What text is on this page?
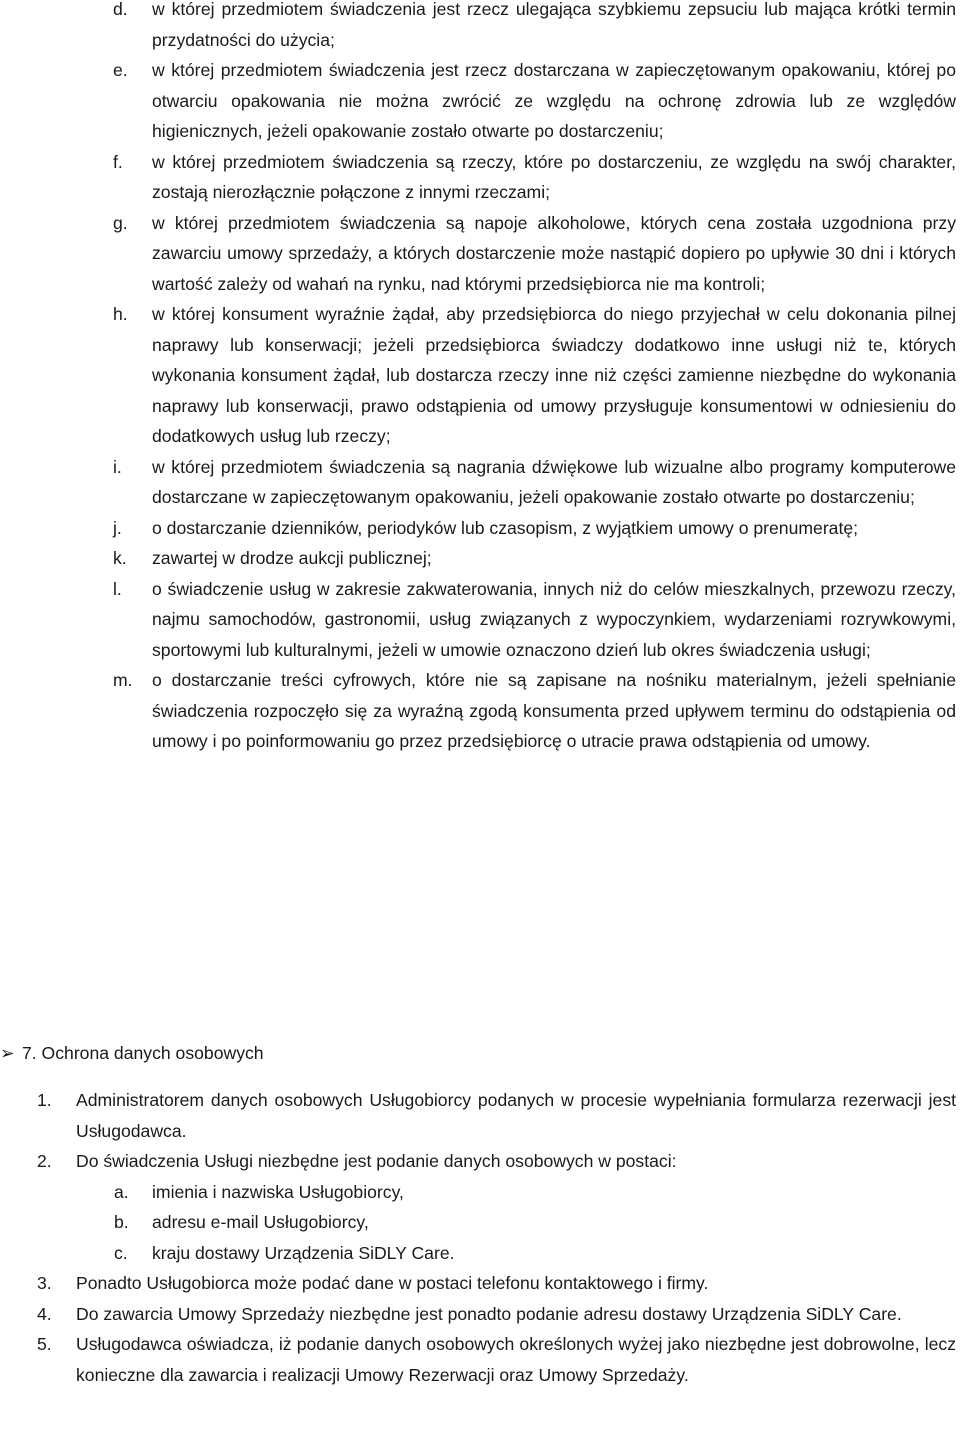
d. w której przedmiotem świadczenia jest rzecz ulegająca szybkiemu zepsuciu lub mająca krótki termin przydatności do użycia;
e. w której przedmiotem świadczenia jest rzecz dostarczana w zapieczętowanym opakowaniu, której po otwarciu opakowania nie można zwrócić ze względu na ochronę zdrowia lub ze względów higienicznych, jeżeli opakowanie zostało otwarte po dostarczeniu;
f. w której przedmiotem świadczenia są rzeczy, które po dostarczeniu, ze względu na swój charakter, zostają nierozłącznie połączone z innymi rzeczami;
g. w której przedmiotem świadczenia są napoje alkoholowe, których cena została uzgodniona przy zawarciu umowy sprzedaży, a których dostarczenie może nastąpić dopiero po upływie 30 dni i których wartość zależy od wahań na rynku, nad którymi przedsiębiorca nie ma kontroli;
h. w której konsument wyraźnie żądał, aby przedsiębiorca do niego przyjechał w celu dokonania pilnej naprawy lub konserwacji; jeżeli przedsiębiorca świadczy dodatkowo inne usługi niż te, których wykonania konsument żądał, lub dostarcza rzeczy inne niż części zamienne niezbędne do wykonania naprawy lub konserwacji, prawo odstąpienia od umowy przysługuje konsumentowi w odniesieniu do dodatkowych usług lub rzeczy;
i. w której przedmiotem świadczenia są nagrania dźwiękowe lub wizualne albo programy komputerowe dostarczane w zapieczętowanym opakowaniu, jeżeli opakowanie zostało otwarte po dostarczeniu;
j. o dostarczanie dzienników, periodyków lub czasopism, z wyjątkiem umowy o prenumeratę;
k. zawartej w drodze aukcji publicznej;
l. o świadczenie usług w zakresie zakwaterowania, innych niż do celów mieszkalnych, przewozu rzeczy, najmu samochodów, gastronomii, usług związanych z wypoczynkiem, wydarzeniami rozrywkowymi, sportowymi lub kulturalnymi, jeżeli w umowie oznaczono dzień lub okres świadczenia usługi;
m. o dostarczanie treści cyfrowych, które nie są zapisane na nośniku materialnym, jeżeli spełnianie świadczenia rozpoczęło się za wyraźną zgodą konsumenta przed upływem terminu do odstąpienia od umowy i po poinformowaniu go przez przedsiębiorcę o utracie prawa odstąpienia od umowy.
➢ 7. Ochrona danych osobowych
1. Administratorem danych osobowych Usługobiorcy podanych w procesie wypełniania formularza rezerwacji jest Usługodawca.
2. Do świadczenia Usługi niezbędne jest podanie danych osobowych w postaci:
a. imienia i nazwiska Usługobiorcy,
b. adresu e-mail Usługobiorcy,
c. kraju dostawy Urządzenia SiDLY Care.
3. Ponadto Usługobiorca może podać dane w postaci telefonu kontaktowego i firmy.
4. Do zawarcia Umowy Sprzedaży niezbędne jest ponadto podanie adresu dostawy Urządzenia SiDLY Care.
5. Usługodawca oświadcza, iż podanie danych osobowych określonych wyżej jako niezbędne jest dobrowolne, lecz konieczne dla zawarcia i realizacji Umowy Rezerwacji oraz Umowy Sprzedaży.
